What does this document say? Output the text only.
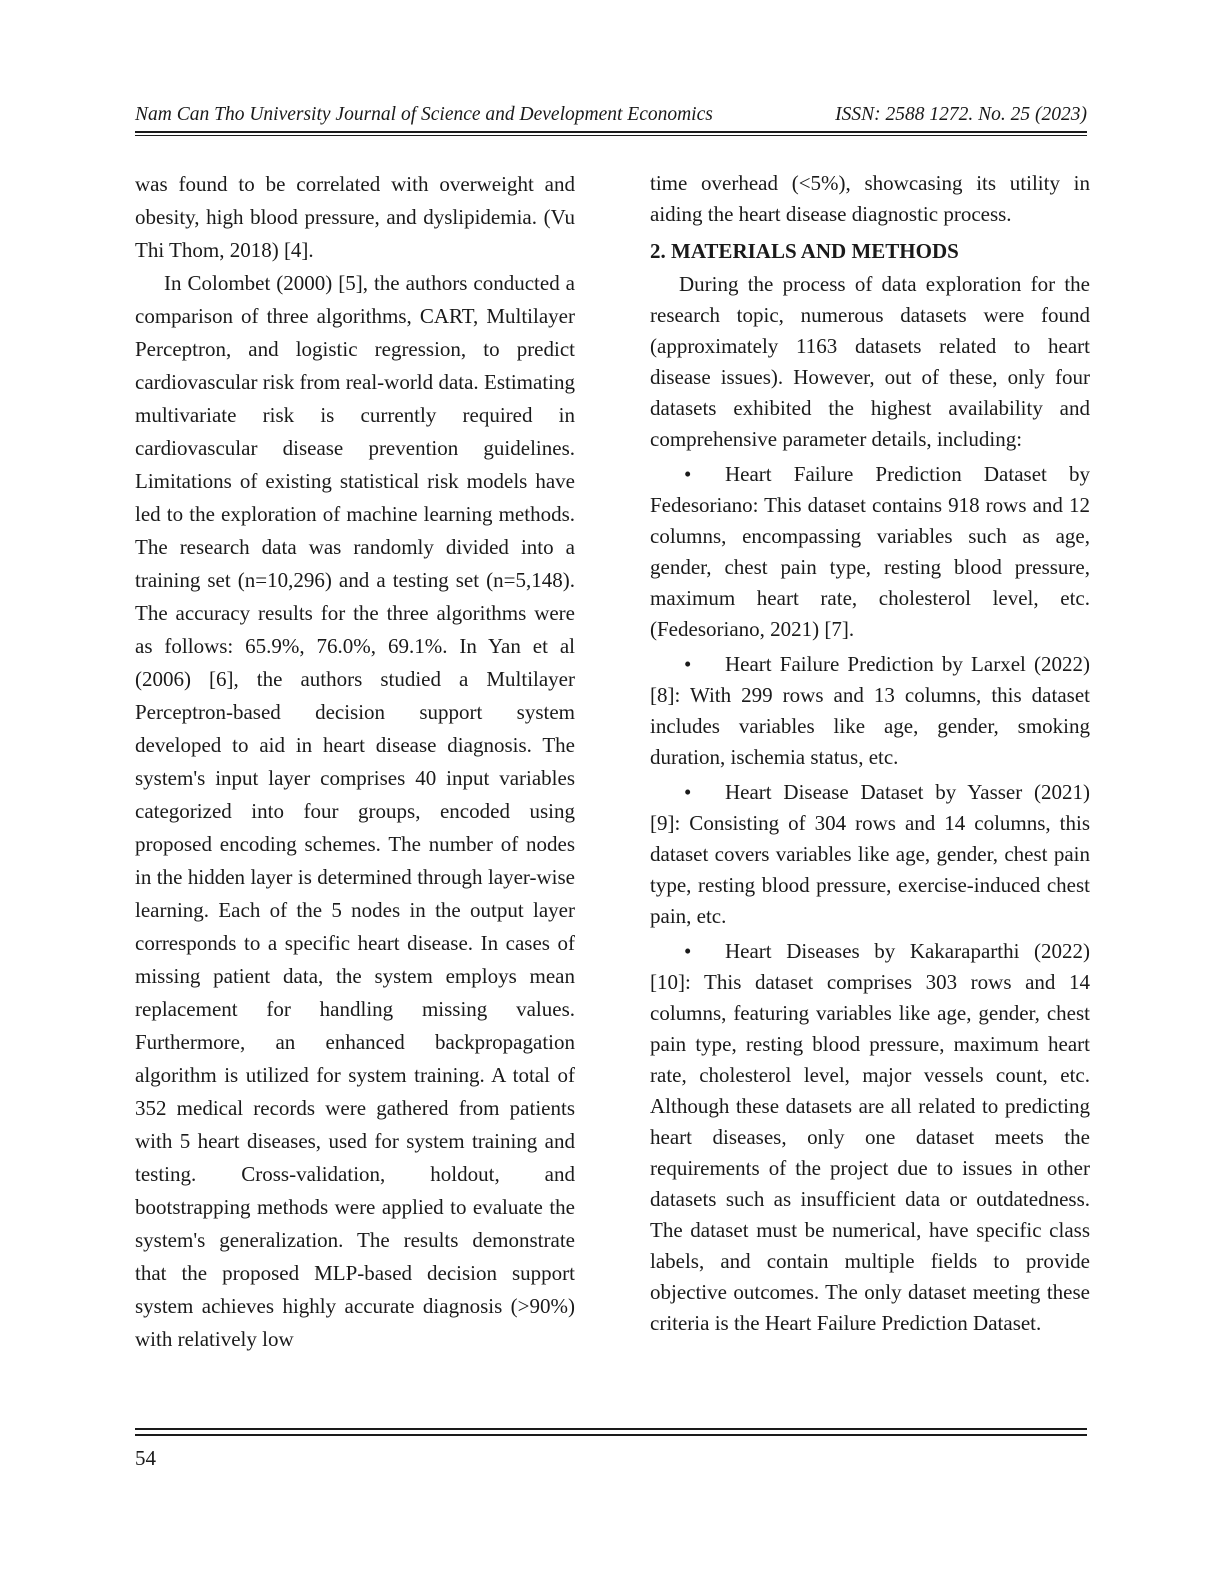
Nam Can Tho University Journal of Science and Development Economics	ISSN: 2588 1272. No. 25 (2023)

was found to be correlated with overweight and obesity, high blood pressure, and dyslipidemia. (Vu Thi Thom, 2018) [4].

In Colombet (2000) [5], the authors conducted a comparison of three algorithms, CART, Multilayer Perceptron, and logistic regression, to predict cardiovascular risk from real-world data. Estimating multivariate risk is currently required in cardiovascular disease prevention guidelines. Limitations of existing statistical risk models have led to the exploration of machine learning methods. The research data was randomly divided into a training set (n=10,296) and a testing set (n=5,148). The accuracy results for the three algorithms were as follows: 65.9%, 76.0%, 69.1%. In Yan et al (2006) [6], the authors studied a Multilayer Perceptron-based decision support system developed to aid in heart disease diagnosis. The system's input layer comprises 40 input variables categorized into four groups, encoded using proposed encoding schemes. The number of nodes in the hidden layer is determined through layer-wise learning. Each of the 5 nodes in the output layer corresponds to a specific heart disease. In cases of missing patient data, the system employs mean replacement for handling missing values. Furthermore, an enhanced backpropagation algorithm is utilized for system training. A total of 352 medical records were gathered from patients with 5 heart diseases, used for system training and testing. Cross-validation, holdout, and bootstrapping methods were applied to evaluate the system's generalization. The results demonstrate that the proposed MLP-based decision support system achieves highly accurate diagnosis (>90%) with relatively low

time overhead (<5%), showcasing its utility in aiding the heart disease diagnostic process.

2. MATERIALS AND METHODS

During the process of data exploration for the research topic, numerous datasets were found (approximately 1163 datasets related to heart disease issues). However, out of these, only four datasets exhibited the highest availability and comprehensive parameter details, including:

• Heart Failure Prediction Dataset by Fedesoriano: This dataset contains 918 rows and 12 columns, encompassing variables such as age, gender, chest pain type, resting blood pressure, maximum heart rate, cholesterol level, etc. (Fedesoriano, 2021) [7].

• Heart Failure Prediction by Larxel (2022) [8]: With 299 rows and 13 columns, this dataset includes variables like age, gender, smoking duration, ischemia status, etc.

• Heart Disease Dataset by Yasser (2021) [9]: Consisting of 304 rows and 14 columns, this dataset covers variables like age, gender, chest pain type, resting blood pressure, exercise-induced chest pain, etc.

• Heart Diseases by Kakaraparthi (2022) [10]: This dataset comprises 303 rows and 14 columns, featuring variables like age, gender, chest pain type, resting blood pressure, maximum heart rate, cholesterol level, major vessels count, etc. Although these datasets are all related to predicting heart diseases, only one dataset meets the requirements of the project due to issues in other datasets such as insufficient data or outdatedness. The dataset must be numerical, have specific class labels, and contain multiple fields to provide objective outcomes. The only dataset meeting these criteria is the Heart Failure Prediction Dataset.

54
